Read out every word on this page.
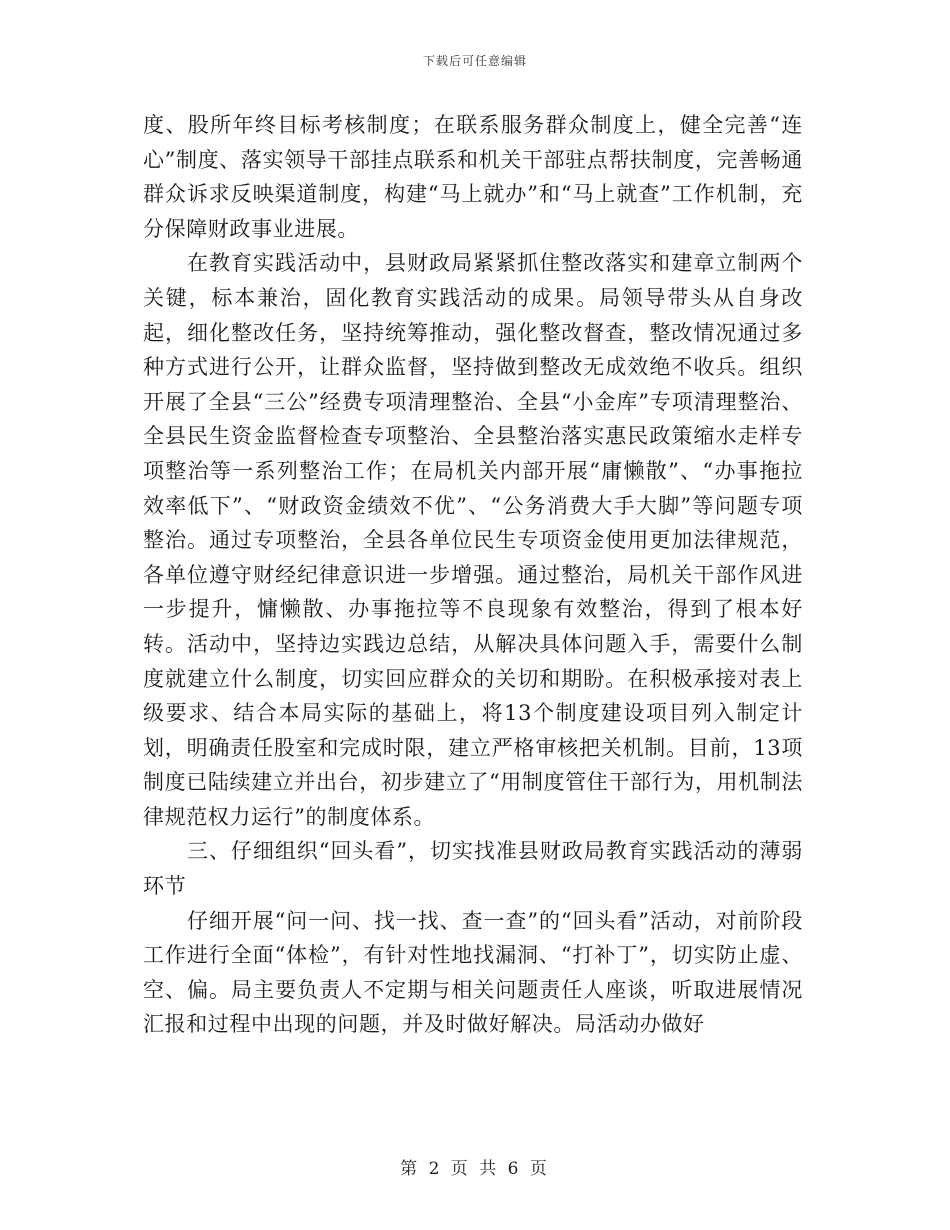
下载后可任意编辑

度、股所年终目标考核制度；在联系服务群众制度上，健全完善“连心”制度、落实领导干部挂点联系和机关干部驻点帮扶制度，完善畅通群众诉求反映渠道制度，构建“马上就办”和“马上就查”工作机制，充分保障财政事业进展。

在教育实践活动中，县财政局紧紧抓住整改落实和建章立制两个关键，标本兼治，固化教育实践活动的成果。局领导带头从自身改起，细化整改任务，坚持统筹推动，强化整改督查，整改情况通过多种方式进行公开，让群众监督，坚持做到整改无成效绝不收兵。组织开展了全县“三公”经费专项清理整治、全县“小金库”专项清理整治、全县民生资金监督检查专项整治、全县整治落实惠民政策缩水走样专项整治等一系列整治工作；在局机关内部开展“庸懒散”、“办事拖拉效率低下”、“财政资金绩效不优”、“公务消费大手大脚”等问题专项整治。通过专项整治，全县各单位民生专项资金使用更加法律规范，各单位遵守财经纪律意识进一步增强。通过整治，局机关干部作风进一步提升，慵懒散、办事拖拉等不良现象有效整治，得到了根本好转。活动中，坚持边实践边总结，从解决具体问题入手，需要什么制度就建立什么制度，切实回应群众的关切和期盼。在积极承接对表上级要求、结合本局实际的基础上，将13个制度建设项目列入制定计划，明确责任股室和完成时限，建立严格审核把关机制。目前，13项制度已陆续建立并出台，初步建立了“用制度管住干部行为，用机制法律规范权力运行”的制度体系。

三、仔细组织“回头看”，切实找准县财政局教育实践活动的薄弱环节

仔细开展“问一问、找一找、查一查”的“回头看”活动，对前阶段工作进行全面“体检”，有针对性地找漏洞、“打补丁”，切实防止虚、空、偏。局主要负责人不定期与相关问题责任人座谈，听取进展情况汇报和过程中出现的问题，并及时做好解决。局活动办做好

第 2 页 共 6 页
